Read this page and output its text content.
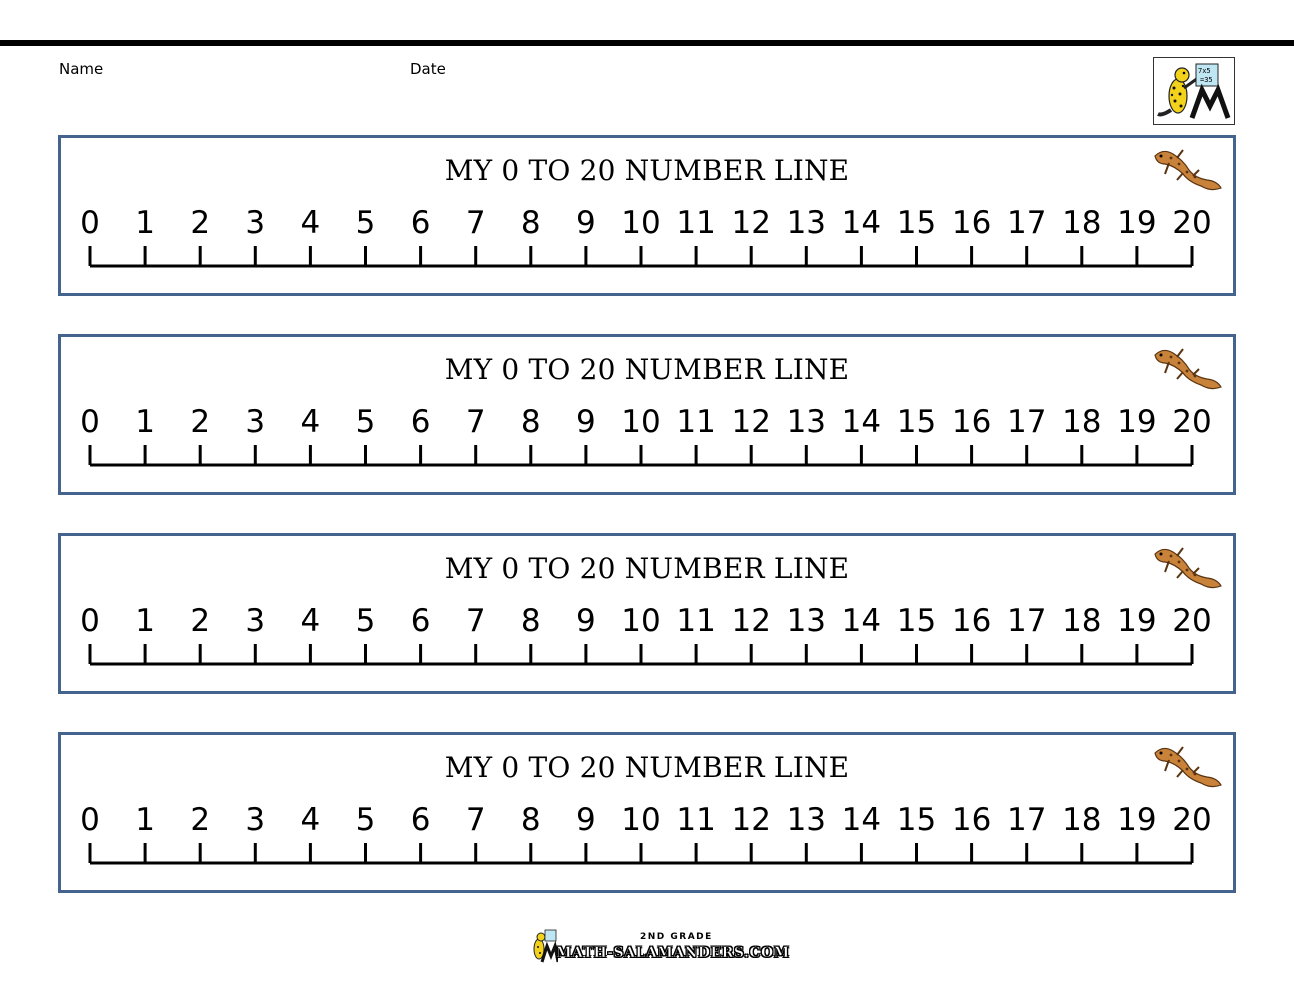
Name	Date	7x5
=35
MY 0 TO 20 NUMBER LINE
0 1 2 3 4 5 6 7 8 9 10 11 12 13 14 15 16 17 18 19 20
MY 0 TO 20 NUMBER LINE
0 1 2 3 4 5 6 7 8 9 10 11 12 13 14 15 16 17 18 19 20
MY 0 TO 20 NUMBER LINE
0 1 2 3 4 5 6 7 8 9 10 11 12 13 14 15 16 17 18 19 20
MY 0 TO 20 NUMBER LINE
0 1 2 3 4 5 6 7 8 9 10 11 12 13 14 15 16 17 18 19 20
2ND GRADE
MATH-SALAMANDERS.COM
